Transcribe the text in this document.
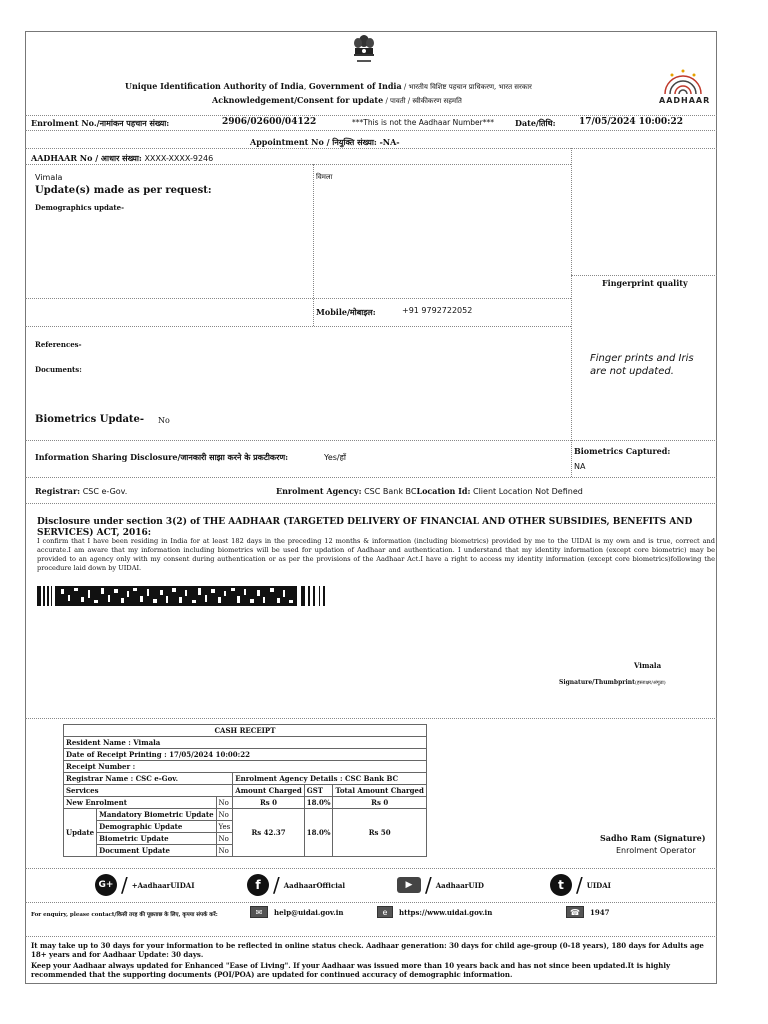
AADHAAR
Unique Identification Authority of India, Government of India / भारतीय विशिष्ट पहचान प्राधिकरण, भारत सरकार
Acknowledgement/Consent for update / पावती / स्वीकीकरण सहमति
Enrolment No./नामांकन पहचान संख्या:	2906/02600/04122	***This is not the Aadhaar Number***	Date/तिथि:	17/05/2024 10:00:22
Appointment No / नियुक्ति संख्या: -NA-
AADHAAR No / आधार संख्या: XXXX-XXXX-9246
Vimala	विमला
Update(s) made as per request:
Demographics update-
Fingerprint quality
Mobile/मोबाइल:	+91 9792722052
References-
Documents:
Finger prints and Iris are not updated.
Biometrics Update- No
Information Sharing Disclosure/जानकारी साझा करने के प्रकटीकरण:	Yes/हाँ
Biometrics Captured:
NA
Registrar: CSC e-Gov.	Enrolment Agency: CSC Bank BCLocation Id: Client Location Not Defined
Disclosure under section 3(2) of THE AADHAAR (TARGETED DELIVERY OF FINANCIAL AND OTHER SUBSIDIES, BENEFITS AND SERVICES) ACT, 2016:
I confirm that I have been residing in India for at least 182 days in the preceding 12 months & information (including biometrics) provided by me to the UIDAI is my own and is true, correct and accurate.I am aware that my information including biometrics will be used for updation of Aadhaar and authentication. I understand that my identity information (except core biometric) may be provided to an agency only with my consent during authentication or as per the provisions of the Aadhaar Act.I have a right to access my identity information (except core biometrics)following the procedure laid down by UIDAI.
Vimala
Signature/Thumbprint(हस्ताक्षर/अंगूठा)
CASH RECEIPT					
Resident Name : Vimala					
Date of Receipt Printing : 17/05/2024 10:00:22					
Receipt Number :					
Registrar Name : CSC e-Gov.			Enrolment Agency Details : CSC Bank BC		
Services			Amount Charged	GST	Total Amount Charged
New Enrolment		No	Rs 0	18.0%	Rs 0
Update	Mandatory Biometric Update	No	Rs 42.37	18.0%	Rs 50
	Demographic Update	Yes			
	Biometric Update	No			
	Document Update	No			
Sadho Ram (Signature)
Enrolment Operator
G+ / +AadhaarUIDAI	f / AadhaarOfficial	▶ / AadhaarUID	t / UIDAI
For enquiry, please contact/किसी तरह की पूछताछ के लिए, कृपया संपर्क करें:	✉	help@uidai.gov.in	e	https://www.uidai.gov.in	☎	1947
It may take up to 30 days for your information to be reflected in online status check. Aadhaar generation: 30 days for child age-group (0-18 years), 180 days for Adults age 18+ years and for Aadhaar Update: 30 days.
Keep your Aadhaar always updated for Enhanced "Ease of Living". If your Aadhaar was issued more than 10 years back and has not since been updated.It is highly recommended that the supporting documents (POI/POA) are updated for continued accuracy of demographic information.
